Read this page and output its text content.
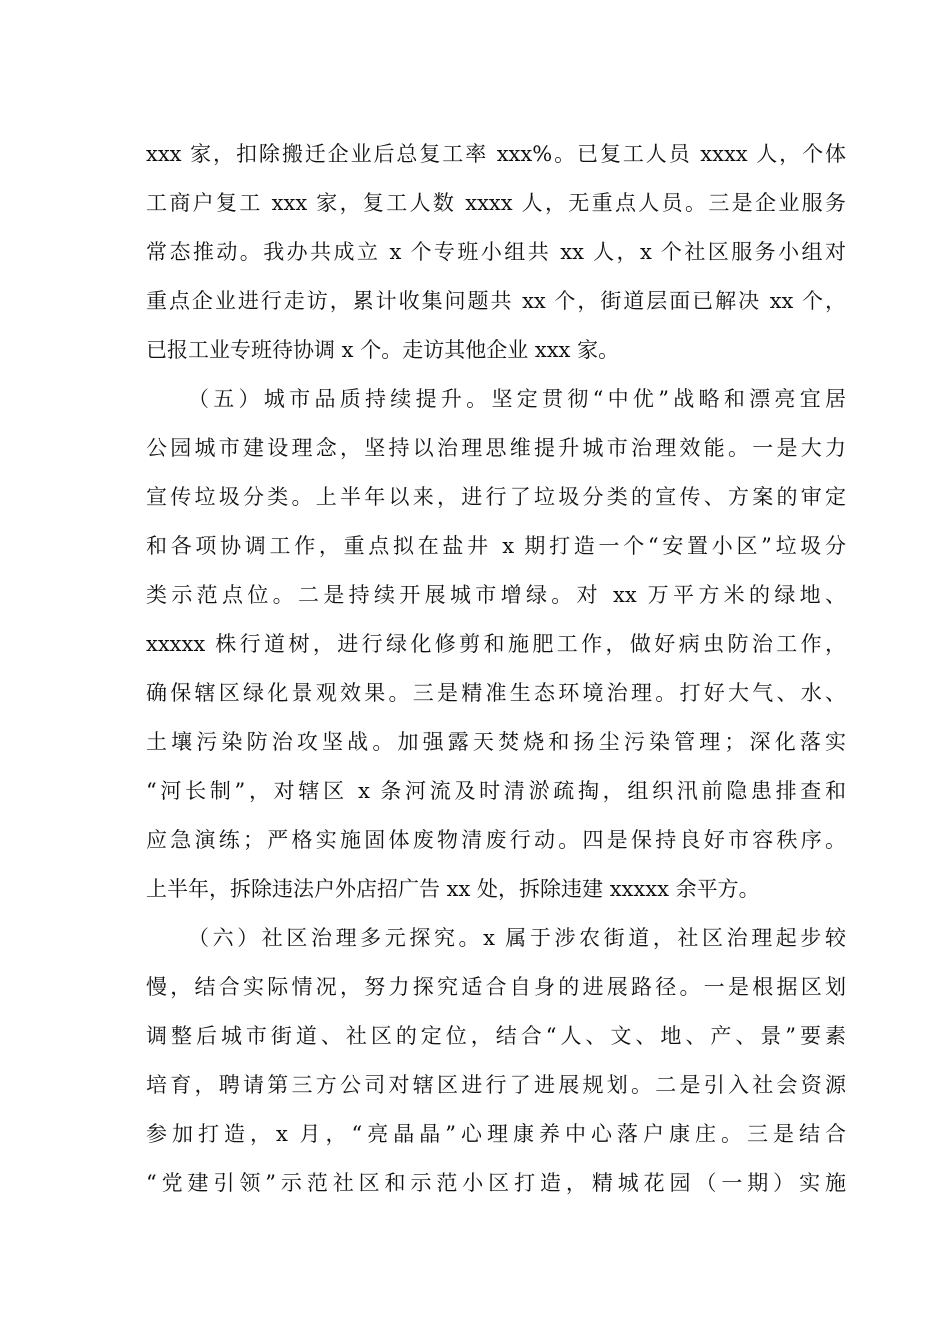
xxx 家，扣除搬迁企业后总复工率 xxx%。已复工人员 xxxx 人，个体
工商户复工 xxx 家，复工人数 xxxx 人，无重点人员。三是企业服务
常态推动。我办共成立 x 个专班小组共 xx 人，x 个社区服务小组对
重点企业进行走访，累计收集问题共 xx 个，街道层面已解决 xx 个，
已报工业专班待协调 x 个。走访其他企业 xxx 家。
（五）城市品质持续提升。坚定贯彻“中优”战略和漂亮宜居
公园城市建设理念，坚持以治理思维提升城市治理效能。一是大力
宣传垃圾分类。上半年以来，进行了垃圾分类的宣传、方案的审定
和各项协调工作，重点拟在盐井 x 期打造一个“安置小区”垃圾分
类示范点位。二是持续开展城市增绿。对 xx 万平方米的绿地、
xxxxx 株行道树，进行绿化修剪和施肥工作，做好病虫防治工作，
确保辖区绿化景观效果。三是精准生态环境治理。打好大气、水、
土壤污染防治攻坚战。加强露天焚烧和扬尘污染管理；深化落实
“河长制”，对辖区 x 条河流及时清淤疏掏，组织汛前隐患排查和
应急演练；严格实施固体废物清废行动。四是保持良好市容秩序。
上半年，拆除违法户外店招广告 xx 处，拆除违建 xxxxx 余平方。
（六）社区治理多元探究。x 属于涉农街道，社区治理起步较
慢，结合实际情况，努力探究适合自身的进展路径。一是根据区划
调整后城市街道、社区的定位，结合“人、文、地、产、景”要素
培育，聘请第三方公司对辖区进行了进展规划。二是引入社会资源
参加打造，x 月，“亮晶晶”心理康养中心落户康庄。三是结合
“党建引领”示范社区和示范小区打造，精城花园（一期）实施
